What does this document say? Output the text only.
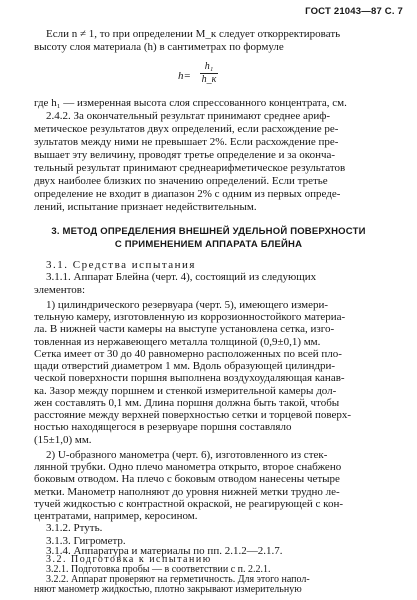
ГОСТ 21043—87 С. 7
Если n ≠ 1, то при определении M_к следует откорректировать
высоту слоя материала (h) в сантиметрах по формуле
$h= \frac{\text{h₁}}{h\_к}$
где h₁ — измеренная высота слоя спрессованного концентрата, см.
2.4.2. За окончательный результат принимают среднее ариф-
метическое результатов двух определений, если расхождение ре-
зультатов между ними не превышает 2%. Если расхождение пре-
вышает эту величину, проводят третье определение и за оконча-
тельный результат принимают среднеарифметическое результатов
двух наиболее близких по значению определений. Если третье
определение не входит в диапазон 2% с одним из первых опреде-
лений, испытание признает недействительным.
3. МЕТОД ОПРЕДЕЛЕНИЯ ВНЕШНЕЙ УДЕЛЬНОЙ ПОВЕРХНОСТИ
С ПРИМЕНЕНИЕМ АППАРАТА БЛЕЙНА
3.1. Средства испытания
3.1.1. Аппарат Блейна (черт. 4), состоящий из следующих
элементов:
1) цилиндрического резервуара (черт. 5), имеющего измери-
тельную камеру, изготовленную из коррозионностойкого материа-
ла. В нижней части камеры на выступе установлена сетка, изго-
товленная из нержавеющего металла толщиной (0,9±0,1) мм.
Сетка имеет от 30 до 40 равномерно расположенных по всей пло-
щади отверстий диаметром 1 мм. Вдоль образующей цилиндри-
ческой поверхности поршня выполнена воздухоудаляющая канав-
ка. Зазор между поршнем и стенкой измерительной камеры дол-
жен составлять 0,1 мм. Длина поршня должна быть такой, чтобы
расстояние между верхней поверхностью сетки и торцевой поверх-
ностью находящегося в резервуаре поршня составляло
(15±1,0) мм.
2) U-образного манометра (черт. 6), изготовленного из стек-
лянной трубки. Одно плечо манометра открыто, второе снабжено
боковым отводом. На плечо с боковым отводом нанесены четыре
метки. Манометр наполняют до уровня нижней метки трудно ле-
тучей жидкостью с контрастной окраской, не реагирующей с кон-
центратами, например, керосином.
3.1.2. Ртуть.
3.1.3. Гигрометр.
3.1.4. Аппаратура и материалы по пп. 2.1.2—2.1.7.
3.2. Подготовка к испытанию
3.2.1. Подготовка пробы — в соответствии с п. 2.2.1.
3.2.2. Аппарат проверяют на герметичность. Для этого напол-
няют манометр жидкостью, плотно закрывают измерительную
